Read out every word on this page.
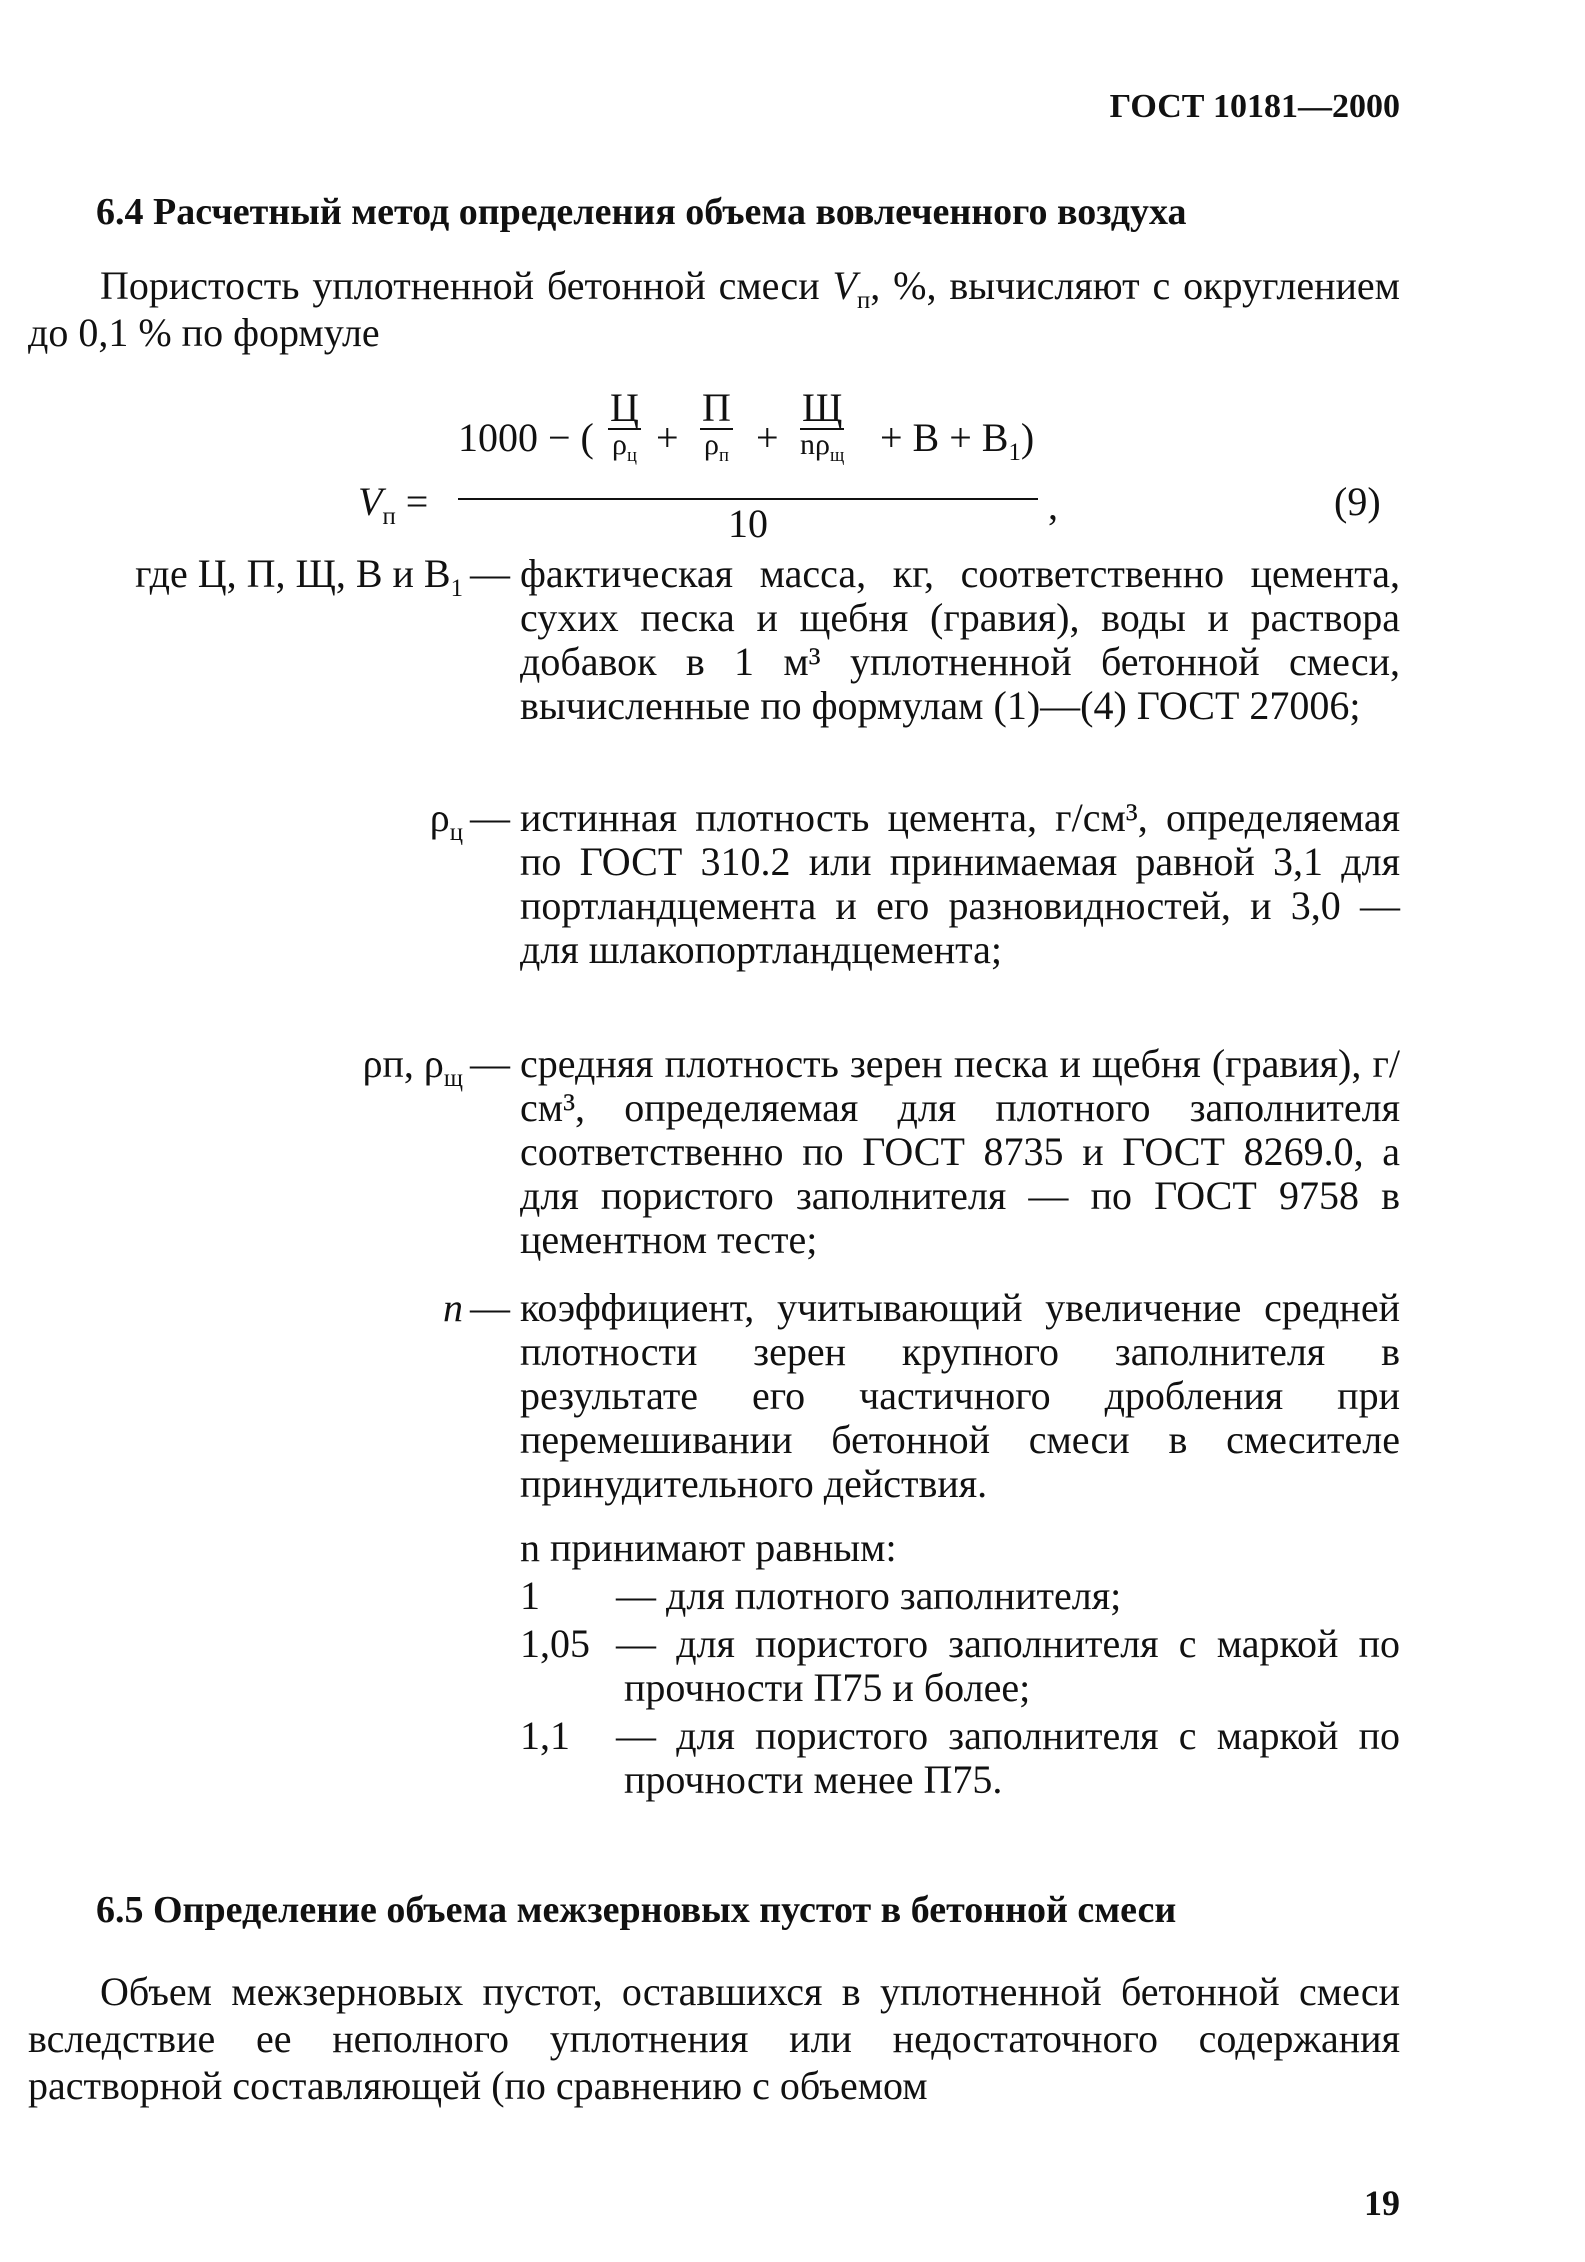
ГОСТ 10181—2000
6.4 Расчетный метод определения объема вовлеченного воздуха
Пористость уплотненной бетонной смеси $V_п$, %, вычисляют с округлением до 0,1 % по формуле
$V_п$ =
1000 − (
Ц
$\rho_ц$ +
П
$\rho_п$ +
Щ
$n\rho_щ + В + В_1$)
10	,	(9)
где Ц, П, Щ, В и $В_1$ — фактическая масса, кг, соответственно цемента, сухих песка и щебня (гравия), воды и раствора добавок в 1 м³ уплотненной бетонной смеси, вычисленные по формулам (1)—(4) ГОСТ 27006;
$\rho_ц$ — истинная плотность цемента, г/см³, определяемая по ГОСТ 310.2 или принимаемая равной 3,1 для портландцемента и его разновидностей, и 3,0 — для шлакопортландцемента;
ρп, $\rho_щ$ — средняя плотность зерен песка и щебня (гравия), г/см³, определяемая для плотного заполнителя соответственно по ГОСТ 8735 и ГОСТ 8269.0, а для пористого заполнителя — по ГОСТ 9758 в цементном тесте;
n — коэффициент, учитывающий увеличение средней плотности зерен крупного заполнителя в результате его частичного дробления при перемешивании бетонной смеси в смесителе принудительного действия.
n принимают равным:
1 — для плотного заполнителя;
1,05 — для пористого заполнителя с маркой по прочности П75 и более;
1,1	— для пористого заполнителя с маркой по прочности менее П75.
6.5 Определение объема межзерновых пустот в бетонной смеси
Объем межзерновых пустот, оставшихся в уплотненной бетонной смеси вследствие ее неполного уплотнения или недостаточного содержания растворной составляющей (по сравнению с объемом
19
